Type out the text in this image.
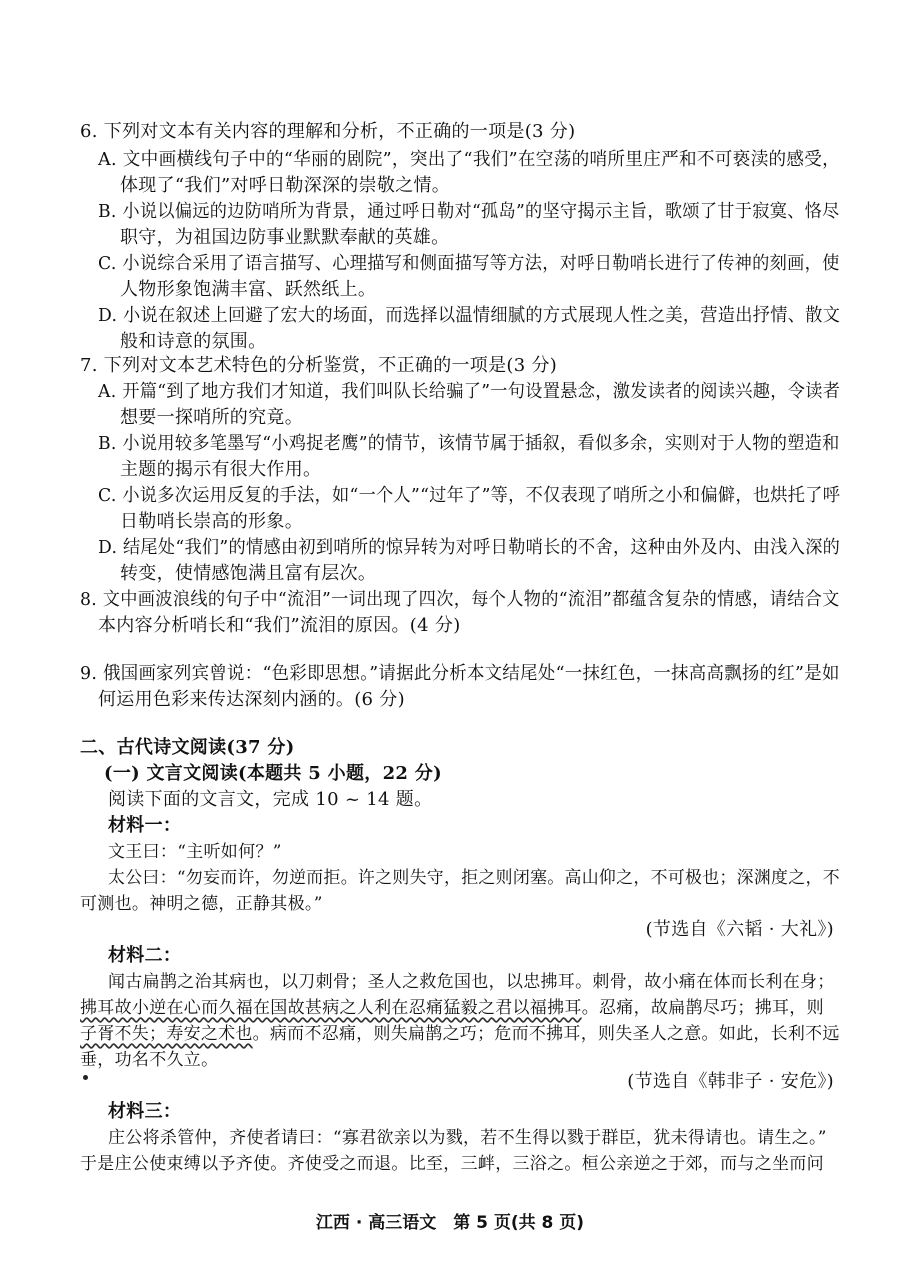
6. 下列对文本有关内容的理解和分析，不正确的一项是(3 分)
A. 文中画横线句子中的“华丽的剧院”，突出了“我们”在空荡的哨所里庄严和不可亵渎的感受，
体现了“我们”对呼日勒深深的崇敬之情。
B. 小说以偏远的边防哨所为背景，通过呼日勒对“孤岛”的坚守揭示主旨，歌颂了甘于寂寞、恪尽
职守，为祖国边防事业默默奉献的英雄。
C. 小说综合采用了语言描写、心理描写和侧面描写等方法，对呼日勒哨长进行了传神的刻画，使
人物形象饱满丰富、跃然纸上。
D. 小说在叙述上回避了宏大的场面，而选择以温情细腻的方式展现人性之美，营造出抒情、散文
般和诗意的氛围。
7. 下列对文本艺术特色的分析鉴赏，不正确的一项是(3 分)
A. 开篇“到了地方我们才知道，我们叫队长给骗了”一句设置悬念，激发读者的阅读兴趣，令读者
想要一探哨所的究竟。
B. 小说用较多笔墨写“小鸡捉老鹰”的情节，该情节属于插叙，看似多余，实则对于人物的塑造和
主题的揭示有很大作用。
C. 小说多次运用反复的手法，如“一个人”“过年了”等，不仅表现了哨所之小和偏僻，也烘托了呼
日勒哨长崇高的形象。
D. 结尾处“我们”的情感由初到哨所的惊异转为对呼日勒哨长的不舍，这种由外及内、由浅入深的
转变，使情感饱满且富有层次。
8. 文中画波浪线的句子中“流泪”一词出现了四次，每个人物的“流泪”都蕴含复杂的情感，请结合文
本内容分析哨长和“我们”流泪的原因。(4 分)
9. 俄国画家列宾曾说：“色彩即思想。”请据此分析本文结尾处“一抹红色，一抹高高飘扬的红”是如
何运用色彩来传达深刻内涵的。(6 分)
二、古代诗文阅读(37 分)
(一) 文言文阅读(本题共 5 小题，22 分)
阅读下面的文言文，完成 10 ~ 14 题。
材料一：
文王曰：“主听如何？”
太公曰：“勿妄而许，勿逆而拒。许之则失守，拒之则闭塞。高山仰之，不可极也；深渊度之，不
可测也。神明之德，正静其极。”
(节选自《六韬 · 大礼》)
材料二：
闻古扁鹊之治其病也，以刀刺骨；圣人之救危国也，以忠拂耳。刺骨，故小痛在体而长利在身；
拂耳故小逆在心而久福在国故甚病之人利在忍痛猛毅之君以福拂耳。忍痛，故扁鹊尽巧；拂耳，则
子胥不失；寿安之术也。病而不忍痛，则失扁鹊之巧；危而不拂耳，则失圣人之意。如此，长利不远
垂，功名不久立。
(节选自《韩非子 · 安危》)
材料三：
庄公将杀管仲，齐使者请曰：“寡君欲亲以为戮，若不生得以戮于群臣，犹未得请也。请生之。”
于是庄公使束缚以予齐使。齐使受之而退。比至，三衅，三浴之。桓公亲逆之于郊，而与之坐而问
江西 · 高三语文　第 5 页(共 8 页)
